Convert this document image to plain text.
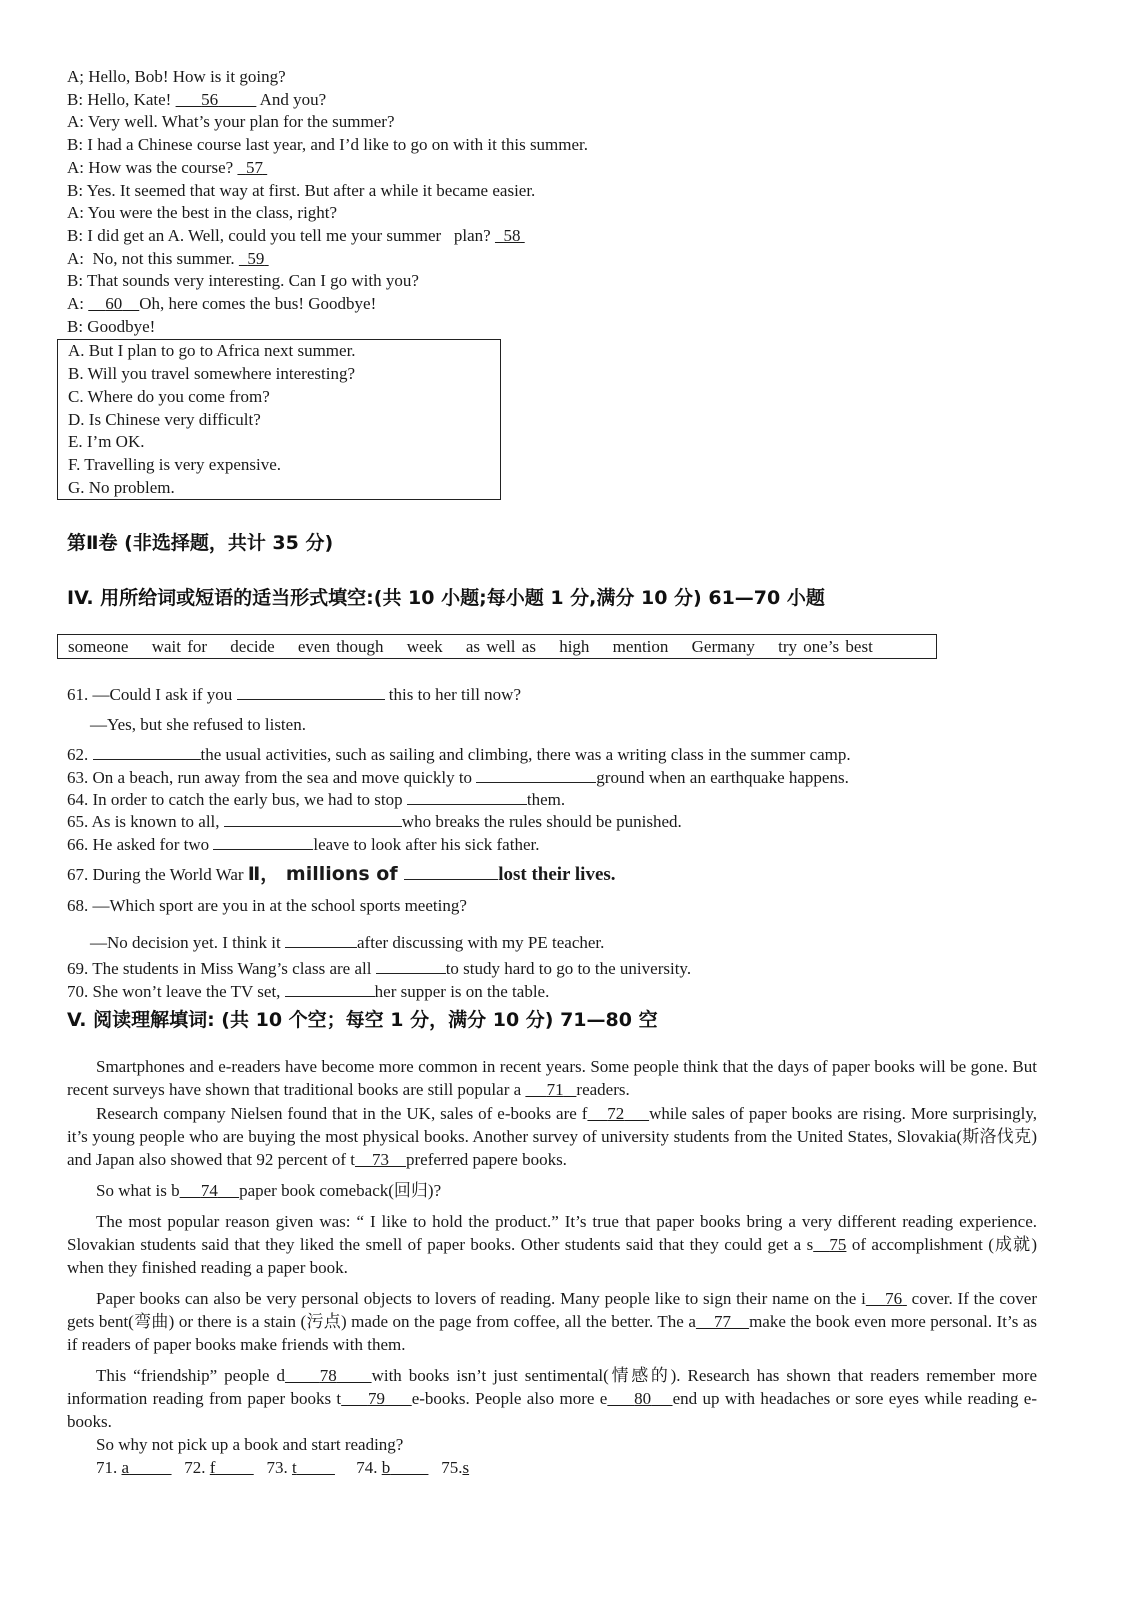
A; Hello, Bob! How is it going?
B: Hello, Kate!       56          And you?
A: Very well. What’s your plan for the summer?
B: I had a Chinese course last year, and I’d like to go on with it this summer.
A: How was the course?   57
B: Yes. It seemed that way at first. But after a while it became easier.
A: You were the best in the class, right?
B: I did get an A. Well, could you tell me your summer   plan?   58
A:  No, not this summer.   59
B: That sounds very interesting. Can I go with you?
A:     60 Oh, here comes the bus! Goodbye!
B: Goodbye!
A. But I plan to go to Africa next summer.
B. Will you travel somewhere interesting?
C. Where do you come from?
D. Is Chinese very difficult?
E. I’m OK.
F. Travelling is very expensive.
G. No problem.
第Ⅱ卷 (非选择题，共计 35 分)
IV. 用所给词或短语的适当形式填空:(共 10 小题;每小题 1 分,满分 10 分) 61—70 小题
someone wait for decide even though week as well as high mention Germany try one’s best
61. —Could I ask if you	this to her till now?
—Yes, but she refused to listen.
62.	the usual activities, such as sailing and climbing, there was a writing class in the summer camp.
63. On a beach, run away from the sea and move quickly to	ground when an earthquake happens.
64. In order to catch the early bus, we had to stop	them.
65. As is known to all,	who breaks the rules should be punished.
66. He asked for two	leave to look after his sick father.
67. During the World War Ⅱ， millions of	lost their lives.
68. —Which sport are you in at the school sports meeting?
—No decision yet. I think it	after discussing with my PE teacher.
69. The students in Miss Wang’s class are all	to study hard to go to the university.
70. She won’t leave the TV set,	her supper is on the table.
V. 阅读理解填词: (共 10 个空；每空 1 分，满分 10 分) 71—80 空
Smartphones and e-readers have become more common in recent years. Some people think that the days of paper books will be gone. But recent surveys have shown that traditional books are still popular a      71 readers.
Research company Nielsen found that in the UK, sales of e-books are f 72 while sales of paper books are rising. More surprisingly, it’s young people who are buying the most physical books. Another survey of university students from the United States, Slovakia(斯洛伐克) and Japan also showed that 92 percent of t 73 preferred papere books.
So what is b 74 paper book comeback(回归)?
The most popular reason given was: “ I like to hold the product.” It’s true that paper books bring a very different reading experience. Slovakian students said that they liked the smell of paper books. Other students said that they could get a s 75 of accomplishment (成就) when they finished reading a paper book.
Paper books can also be very personal objects to lovers of reading. Many people like to sign their name on the i 76  cover. If the cover gets bent(弯曲) or there is a stain (污点) made on the page from coffee, all the better. The a 77 make the book even more personal. It’s as if readers of paper books make friends with them.
This “friendship” people d 78 with books isn’t just sentimental(情感的). Research has shown that readers remember more information reading from paper books t 79 e-books. People also more e 80 end up with headaches or sore eyes while reading e-books.
So why not pick up a book and start reading?
71. a	72. f	73. t	74. b	75.s
